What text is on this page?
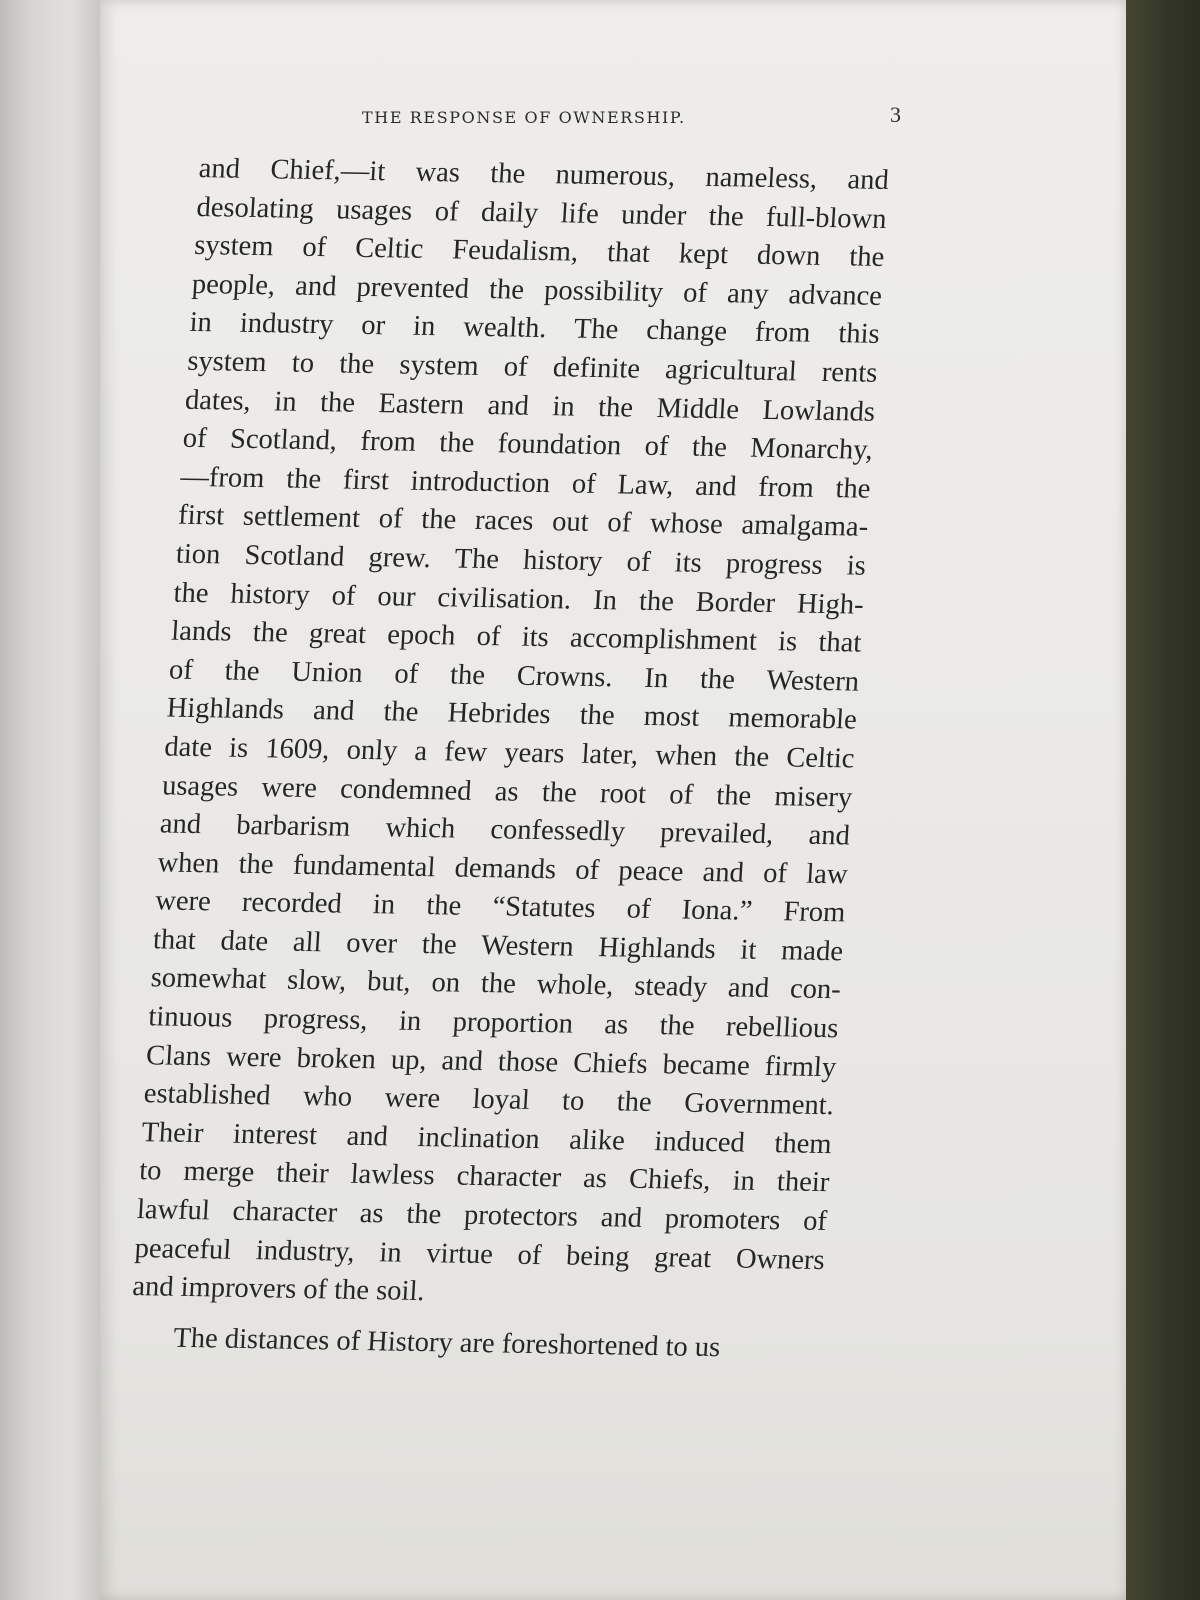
THE RESPONSE OF OWNERSHIP.	3
and Chief,—it was the numerous, nameless, and
desolating usages of daily life under the full-blown
system of Celtic Feudalism, that kept down the
people, and prevented the possibility of any advance
in industry or in wealth. The change from this
system to the system of definite agricultural rents
dates, in the Eastern and in the Middle Lowlands
of Scotland, from the foundation of the Monarchy,
—from the first introduction of Law, and from the
first settlement of the races out of whose amalgama-
tion Scotland grew. The history of its progress is
the history of our civilisation. In the Border High-
lands the great epoch of its accomplishment is that
of the Union of the Crowns. In the Western
Highlands and the Hebrides the most memorable
date is 1609, only a few years later, when the Celtic
usages were condemned as the root of the misery
and barbarism which confessedly prevailed, and
when the fundamental demands of peace and of law
were recorded in the “Statutes of Iona.” From
that date all over the Western Highlands it made
somewhat slow, but, on the whole, steady and con-
tinuous progress, in proportion as the rebellious
Clans were broken up, and those Chiefs became firmly
established who were loyal to the Government.
Their interest and inclination alike induced them
to merge their lawless character as Chiefs, in their
lawful character as the protectors and promoters of
peaceful industry, in virtue of being great Owners
and improvers of the soil.
The distances of History are foreshortened to us
